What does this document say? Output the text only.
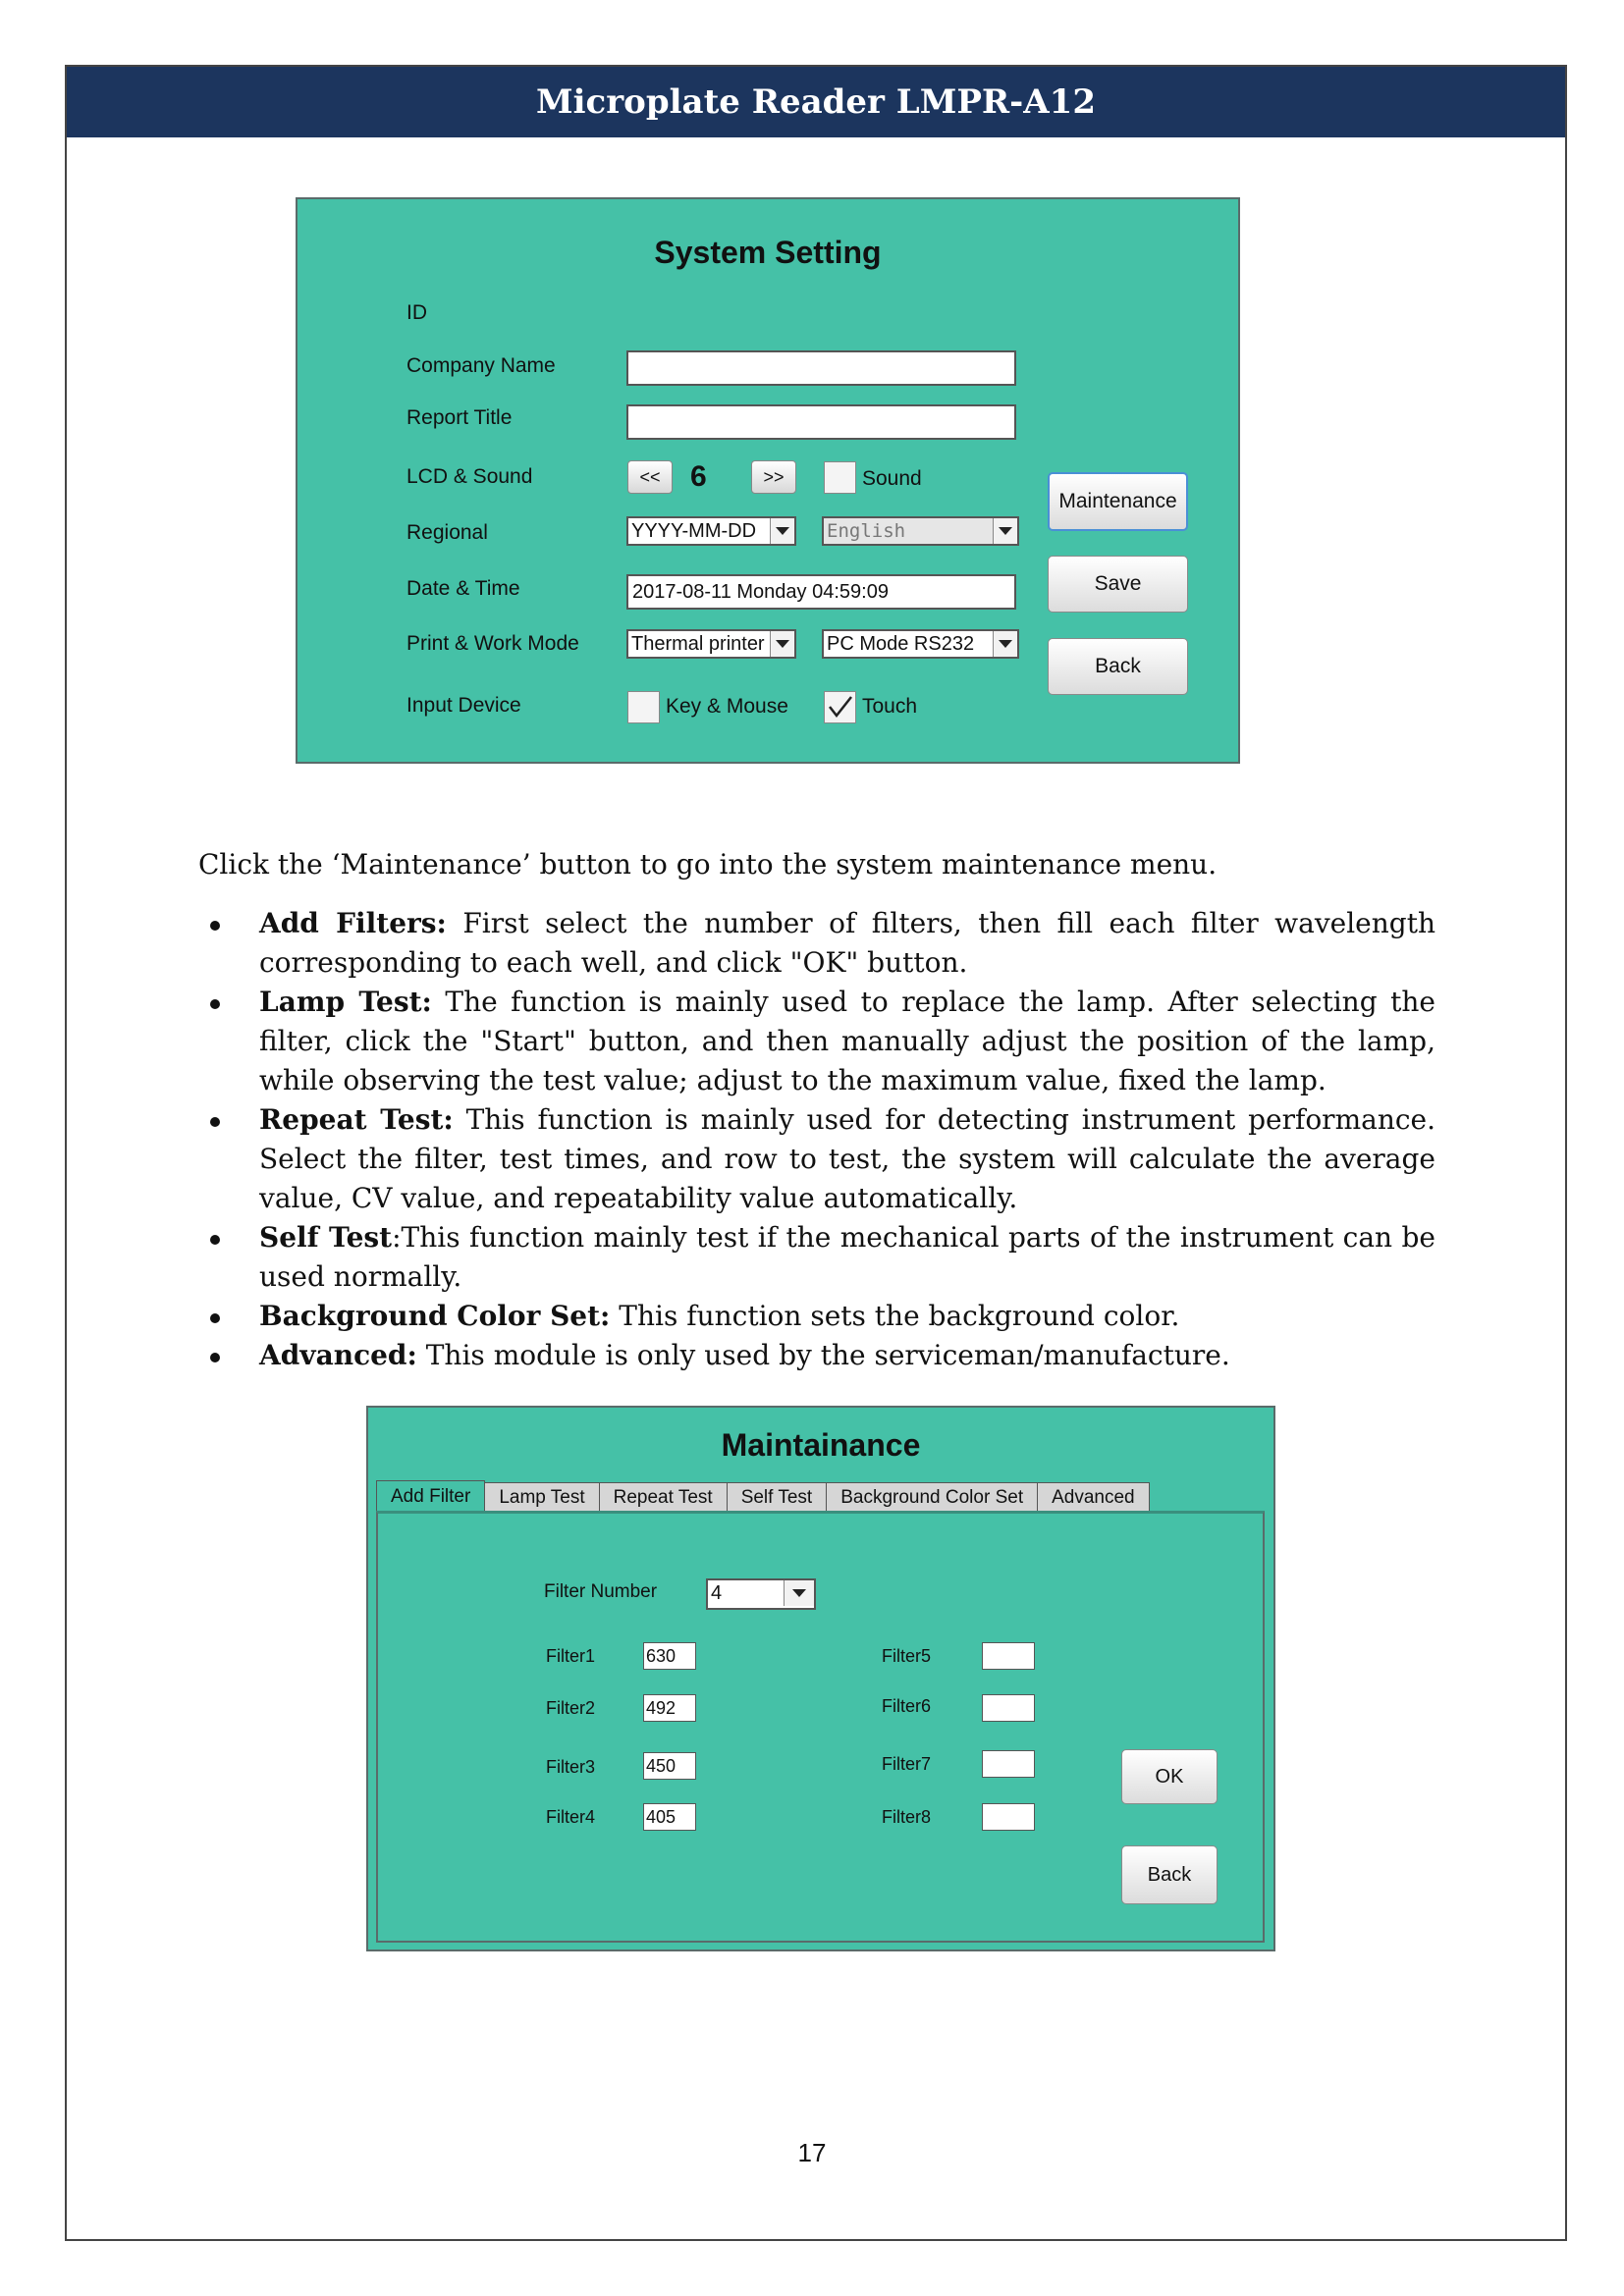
Microplate Reader LMPR-A12
System Setting
ID
Company Name
Report Title
LCD & Sound	<<	6	>>	Sound
Regional	YYYY-MM-DD	English
Date & Time	2017-08-11 Monday 04:59:09
Print & Work Mode	Thermal printer	PC Mode RS232
Input Device	Key & Mouse	Touch
Maintenance
Save
Back
Click the ‘Maintenance’ button to go into the system maintenance menu.
Add Filters: First select the number of filters, then fill each filter wavelength corresponding to each well, and click "OK" button.
Lamp Test: The function is mainly used to replace the lamp. After selecting the filter, click the "Start" button, and then manually adjust the position of the lamp, while observing the test value; adjust to the maximum value, fixed the lamp.
Repeat Test: This function is mainly used for detecting instrument performance. Select the filter, test times, and row to test, the system will calculate the average value, CV value, and repeatability value automatically.
Self Test:This function mainly test if the mechanical parts of the instrument can be used normally.
Background Color Set: This function sets the background color.
Advanced: This module is only used by the serviceman/manufacture.
Maintainance
Add Filter	Lamp Test	Repeat Test	Self Test	Background Color Set	Advanced
Filter Number	4
Filter1	630
Filter2	492
Filter3	450
Filter4	405
Filter5
Filter6
Filter7
Filter8
OK
Back
17
